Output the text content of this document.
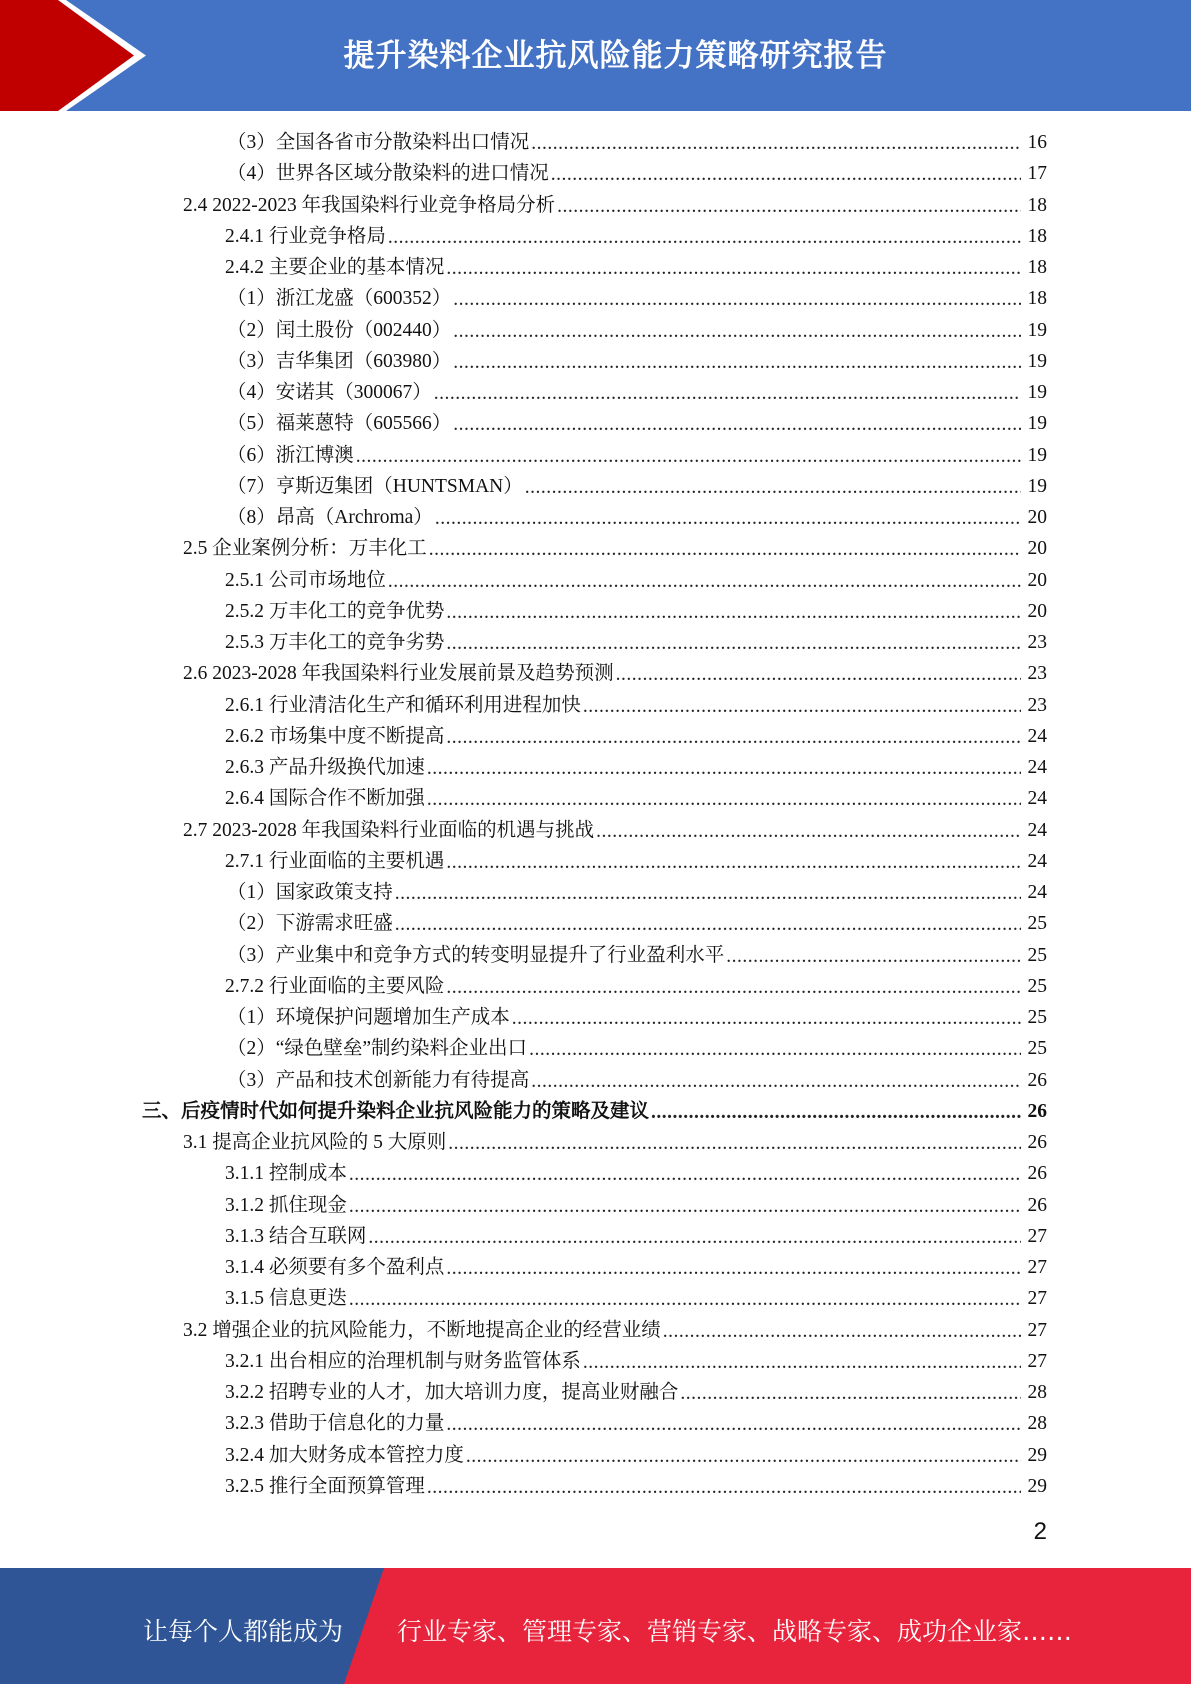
提升染料企业抗风险能力策略研究报告
（3）全国各省市分散染料出口情况 .....	16
（4）世界各区域分散染料的进口情况 .....	17
2.4 2022-2023 年我国染料行业竞争格局分析 .....	18
2.4.1 行业竞争格局 .....	18
2.4.2 主要企业的基本情况 .....	18
（1）浙江龙盛（600352） .....	18
（2）闰土股份（002440） .....	19
（3）吉华集团（603980） .....	19
（4）安诺其（300067） .....	19
（5）福莱蒽特（605566） .....	19
（6）浙江博澳 .....	19
（7）亨斯迈集团（HUNTSMAN） .....	19
（8）昂高（Archroma） .....	20
2.5 企业案例分析：万丰化工 .....	20
2.5.1 公司市场地位 .....	20
2.5.2 万丰化工的竞争优势 .....	20
2.5.3 万丰化工的竞争劣势 .....	23
2.6 2023-2028 年我国染料行业发展前景及趋势预测 .....	23
2.6.1 行业清洁化生产和循环利用进程加快 .....	23
2.6.2 市场集中度不断提高 .....	24
2.6.3 产品升级换代加速 .....	24
2.6.4 国际合作不断加强 .....	24
2.7 2023-2028 年我国染料行业面临的机遇与挑战 .....	24
2.7.1 行业面临的主要机遇 .....	24
（1）国家政策支持 .....	24
（2）下游需求旺盛 .....	25
（3）产业集中和竞争方式的转变明显提升了行业盈利水平 .....	25
2.7.2 行业面临的主要风险 .....	25
（1）环境保护问题增加生产成本 .....	25
（2）“绿色壁垒”制约染料企业出口 .....	25
（3）产品和技术创新能力有待提高 .....	26
三、后疫情时代如何提升染料企业抗风险能力的策略及建议 .....	26
3.1 提高企业抗风险的 5 大原则 .....	26
3.1.1 控制成本 .....	26
3.1.2 抓住现金 .....	26
3.1.3 结合互联网 .....	27
3.1.4 必须要有多个盈利点 .....	27
3.1.5 信息更迭 .....	27
3.2 增强企业的抗风险能力，不断地提高企业的经营业绩 .....	27
3.2.1 出台相应的治理机制与财务监管体系 .....	27
3.2.2 招聘专业的人才，加大培训力度，提高业财融合 .....	28
3.2.3 借助于信息化的力量 .....	28
3.2.4 加大财务成本管控力度 .....	29
3.2.5 推行全面预算管理 .....	29
2
让每个人都能成为 行业专家、管理专家、营销专家、战略专家、成功企业家……
